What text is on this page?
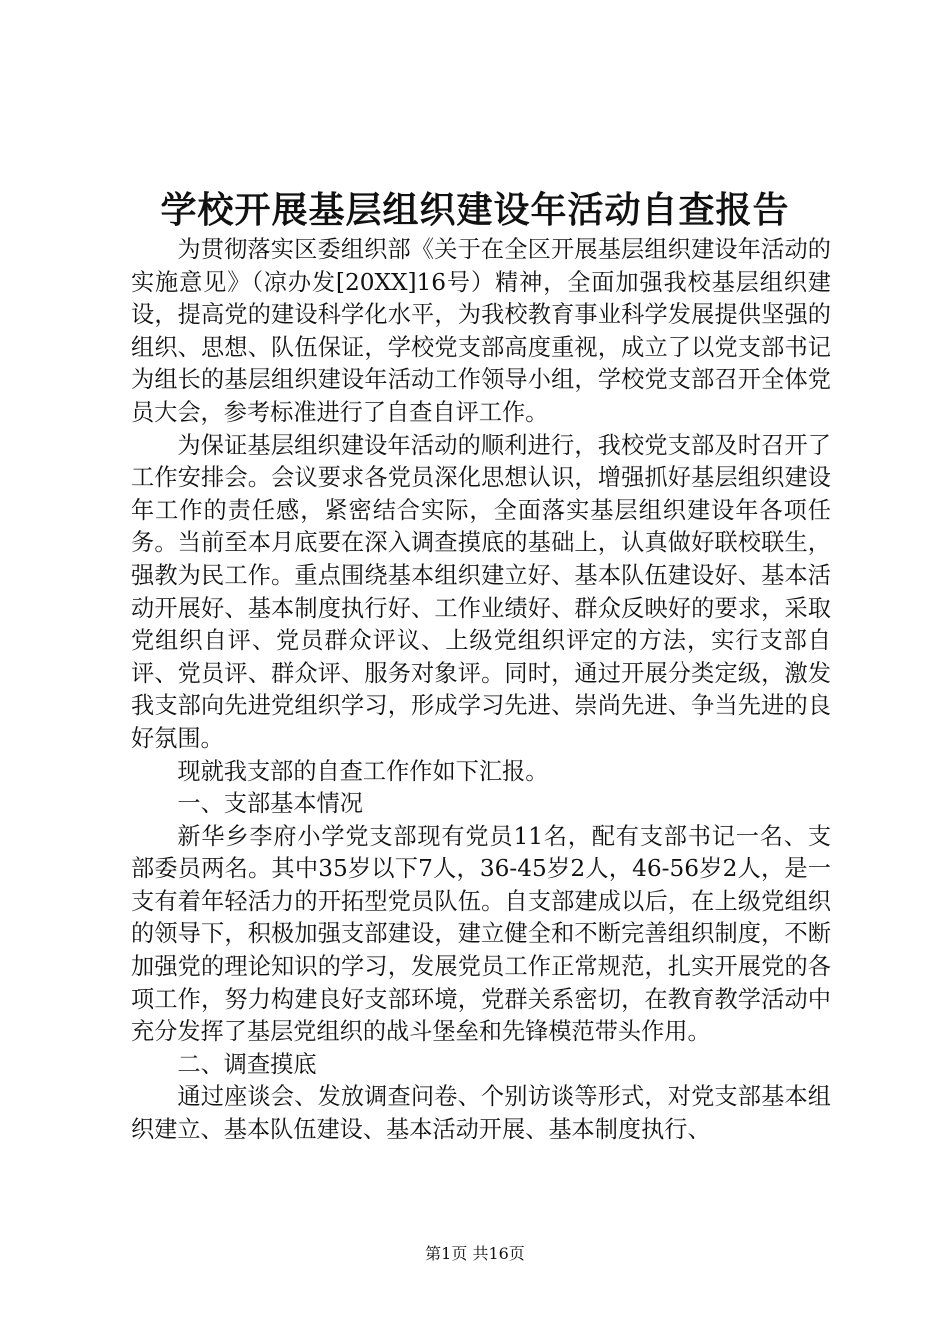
学校开展基层组织建设年活动自查报告

为贯彻落实区委组织部《关于在全区开展基层组织建设年活动的实施意见》（凉办发[20XX]16号）精神，全面加强我校基层组织建设，提高党的建设科学化水平，为我校教育事业科学发展提供坚强的组织、思想、队伍保证，学校党支部高度重视，成立了以党支部书记为组长的基层组织建设年活动工作领导小组，学校党支部召开全体党员大会，参考标准进行了自查自评工作。

为保证基层组织建设年活动的顺利进行，我校党支部及时召开了工作安排会。会议要求各党员深化思想认识，增强抓好基层组织建设年工作的责任感，紧密结合实际，全面落实基层组织建设年各项任务。当前至本月底要在深入调查摸底的基础上，认真做好联校联生，强教为民工作。重点围绕基本组织建立好、基本队伍建设好、基本活动开展好、基本制度执行好、工作业绩好、群众反映好的要求，采取党组织自评、党员群众评议、上级党组织评定的方法，实行支部自评、党员评、群众评、服务对象评。同时，通过开展分类定级，激发我支部向先进党组织学习，形成学习先进、崇尚先进、争当先进的良好氛围。

现就我支部的自查工作作如下汇报。

一、支部基本情况

新华乡李府小学党支部现有党员11名，配有支部书记一名、支部委员两名。其中35岁以下7人，36-45岁2人，46-56岁2人，是一支有着年轻活力的开拓型党员队伍。自支部建成以后，在上级党组织的领导下，积极加强支部建设，建立健全和不断完善组织制度，不断加强党的理论知识的学习，发展党员工作正常规范，扎实开展党的各项工作，努力构建良好支部环境，党群关系密切，在教育教学活动中充分发挥了基层党组织的战斗堡垒和先锋模范带头作用。

二、调查摸底

通过座谈会、发放调查问卷、个别访谈等形式，对党支部基本组织建立、基本队伍建设、基本活动开展、基本制度执行、

第1页 共16页
